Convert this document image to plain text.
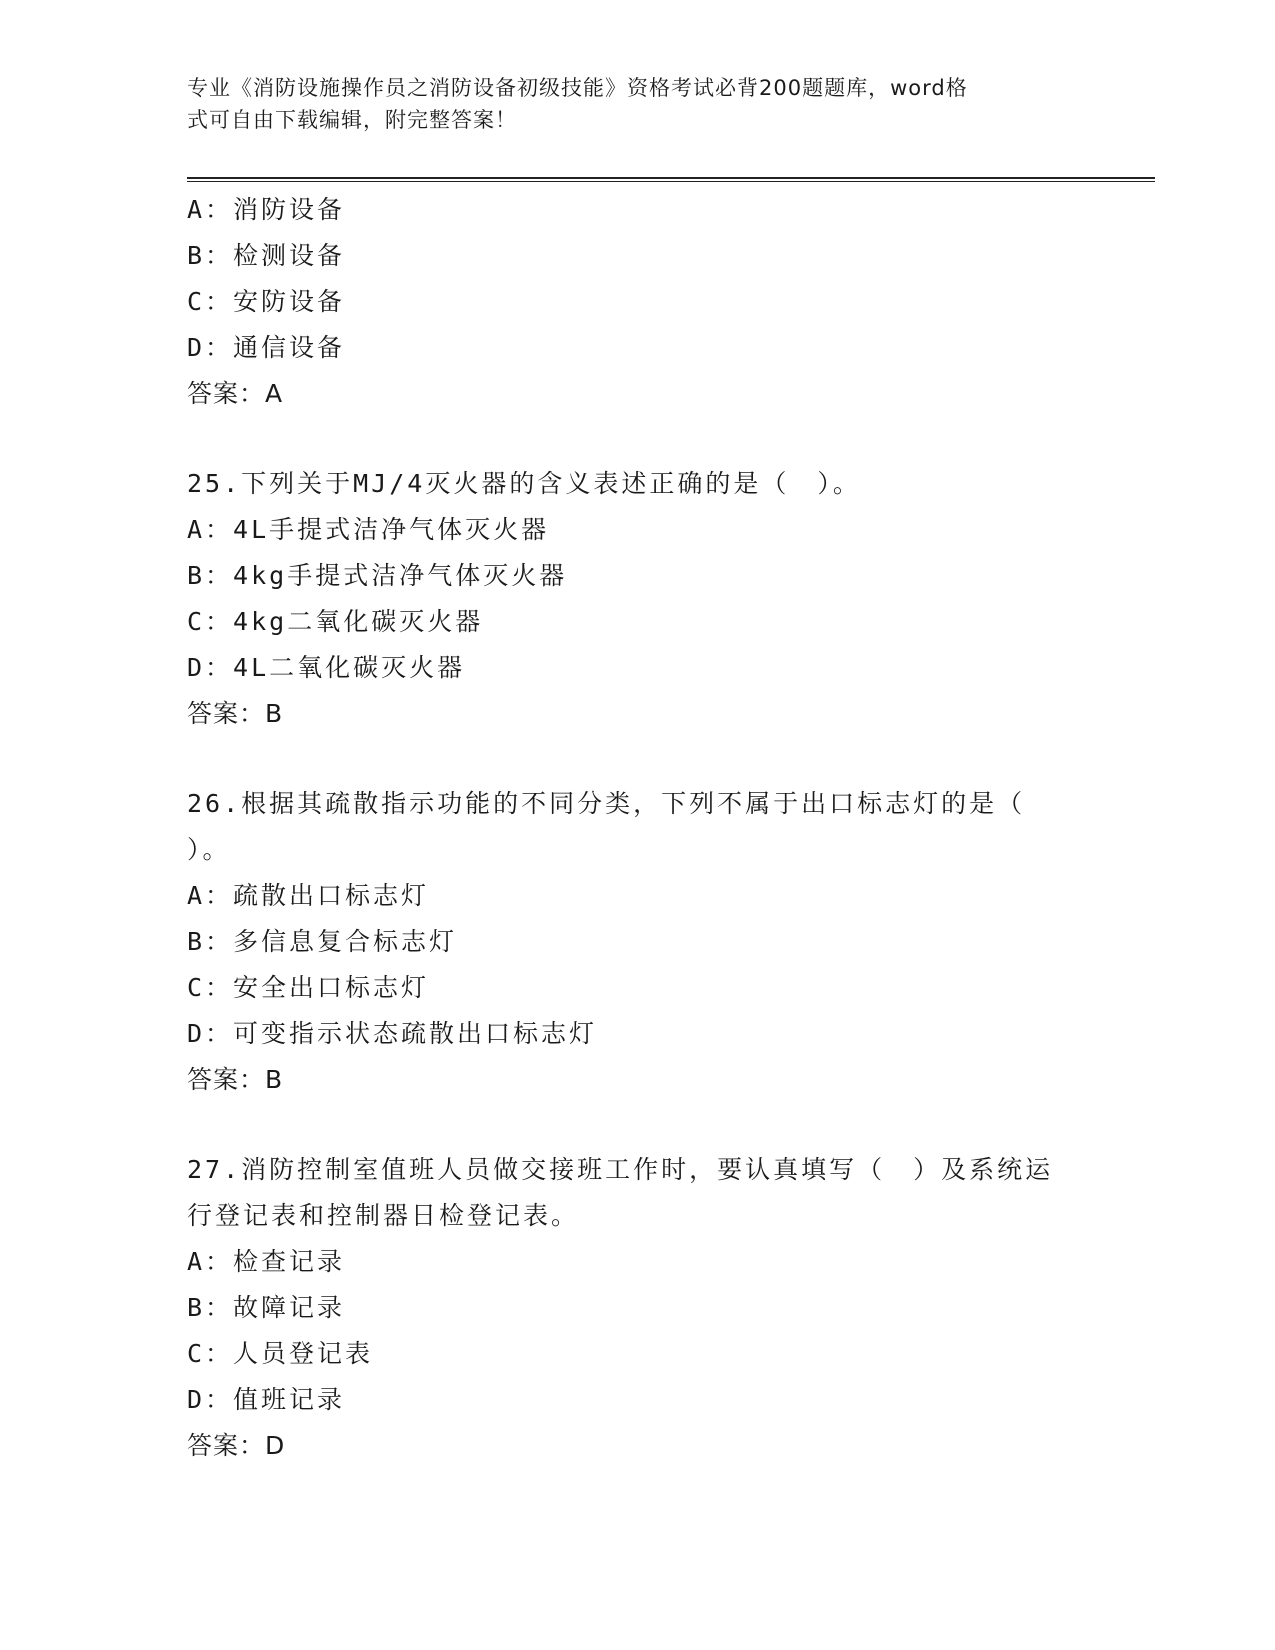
专业《消防设施操作员之消防设备初级技能》资格考试必背200题题库，word格
式可自由下载编辑，附完整答案！
A：消防设备
B：检测设备
C：安防设备
D：通信设备
答案：A
25.下列关于MJ/4灭火器的含义表述正确的是（　）。
A：4L手提式洁净气体灭火器
B：4kg手提式洁净气体灭火器
C：4kg二氧化碳灭火器
D：4L二氧化碳灭火器
答案：B
26.根据其疏散指示功能的不同分类，下列不属于出口标志灯的是（
）。
A：疏散出口标志灯
B：多信息复合标志灯
C：安全出口标志灯
D：可变指示状态疏散出口标志灯
答案：B
27.消防控制室值班人员做交接班工作时，要认真填写（　）及系统运
行登记表和控制器日检登记表。
A：检查记录
B：故障记录
C：人员登记表
D：值班记录
答案：D
